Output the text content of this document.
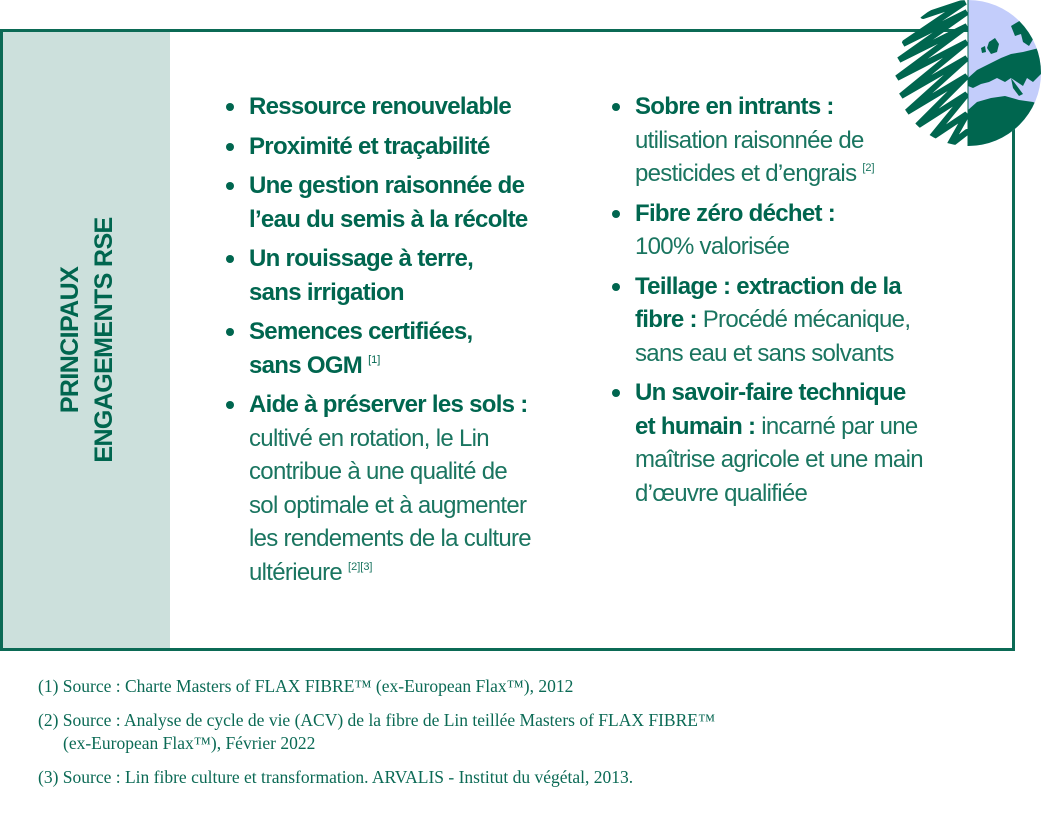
PRINCIPAUX ENGAGEMENTS RSE
Ressource renouvelable
Proximité et traçabilité
Une gestion raisonnée de
l’eau du semis à la récolte
Un rouissage à terre,
sans irrigation
Semences certifiées,
sans OGM [1]
Aide à préserver les sols :
cultivé en rotation, le Lin
contribue à une qualité de
sol optimale et à augmenter
les rendements de la culture
ultérieure [2][3]
Sobre en intrants :
utilisation raisonnée de
pesticides et d’engrais [2]
Fibre zéro déchet :
100% valorisée
Teillage : extraction de la
fibre : Procédé mécanique,
sans eau et sans solvants
Un savoir-faire technique
et humain : incarné par une
maîtrise agricole et une main
d’œuvre qualifiée
(1) Source : Charte Masters of FLAX FIBRE™ (ex-European Flax™), 2012
(2) Source : Analyse de cycle de vie (ACV) de la fibre de Lin teillée Masters of FLAX FIBRE™
(ex-European Flax™), Février 2022
(3) Source : Lin fibre culture et transformation. ARVALIS - Institut du végétal, 2013.
